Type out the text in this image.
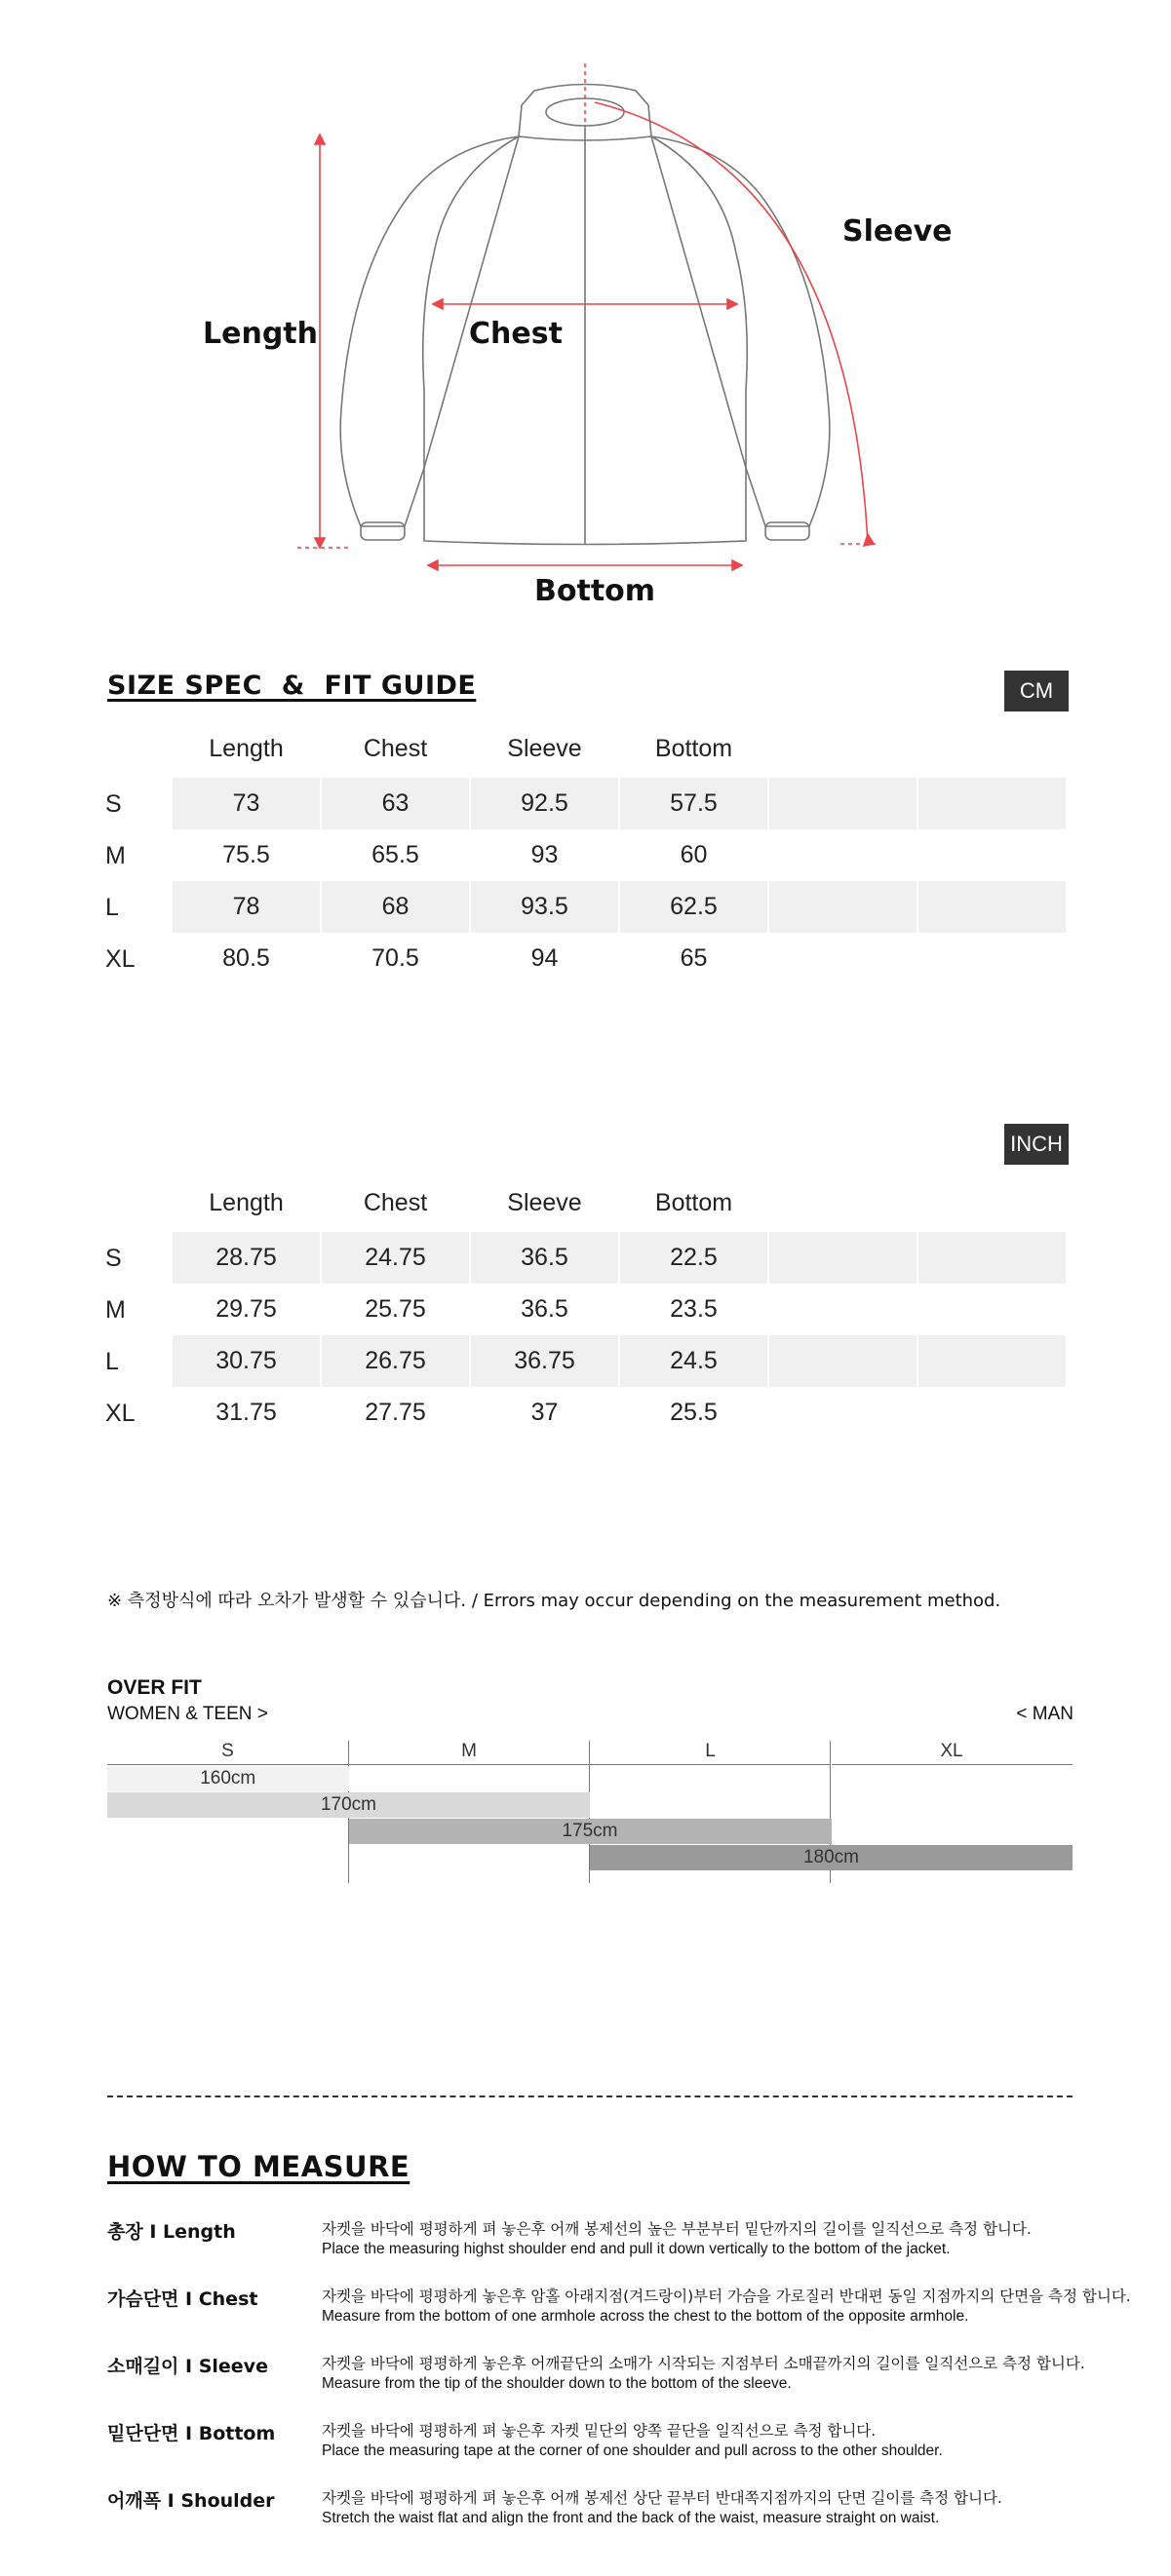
Length	Chest
Sleeve
Bottom
SIZE SPEC  &  FIT GUIDE	CM
Length	Chest	Sleeve	Bottom
S	73	63	92.5	57.5
M	75.5	65.5	93	60
L	78	68	93.5	62.5
XL	80.5	70.5	94	65
INCH
Length	Chest	Sleeve	Bottom
S	28.75	24.75	36.5	22.5
M	29.75	25.75	36.5	23.5
L	30.75	26.75	36.75	24.5
XL	31.75	27.75	37	25.5
※ 측정방식에 따라 오차가 발생할 수 있습니다. / Errors may occur depending on the measurement method.
OVER FIT
WOMEN & TEEN >	< MAN
S	M	L	XL
160cm
170cm
175cm
180cm
HOW TO MEASURE
총장 I Length	자켓을 바닥에 평평하게 펴 놓은후 어깨 봉제선의 높은 부분부터 밑단까지의 길이를 일직선으로 측정 합니다.
Place the measuring highst shoulder end and pull it down vertically to the bottom of the jacket.
가슴단면 I Chest	자켓을 바닥에 평평하게 놓은후 암홀 아래지점(겨드랑이)부터 가슴을 가로질러 반대편 동일 지점까지의 단면을 측정 합니다.
Measure from the bottom of one armhole across the chest to the bottom of the opposite armhole.
소매길이 I Sleeve	자켓을 바닥에 평평하게 놓은후 어깨끝단의 소매가 시작되는 지점부터 소매끝까지의 길이를 일직선으로 측정 합니다.
Measure from the tip of the shoulder down to the bottom of the sleeve.
밑단단면 I Bottom	자켓을 바닥에 평평하게 펴 놓은후 자켓 밑단의 양쪽 끝단을 일직선으로 측정 합니다.
Place the measuring tape at the corner of one shoulder and pull across to the other shoulder.
어깨폭 I Shoulder	자켓을 바닥에 평평하게 펴 놓은후 어깨 봉제선 상단 끝부터 반대쪽지점까지의 단면 길이를 측정 합니다.
Stretch the waist flat and align the front and the back of the waist, measure straight on waist.
